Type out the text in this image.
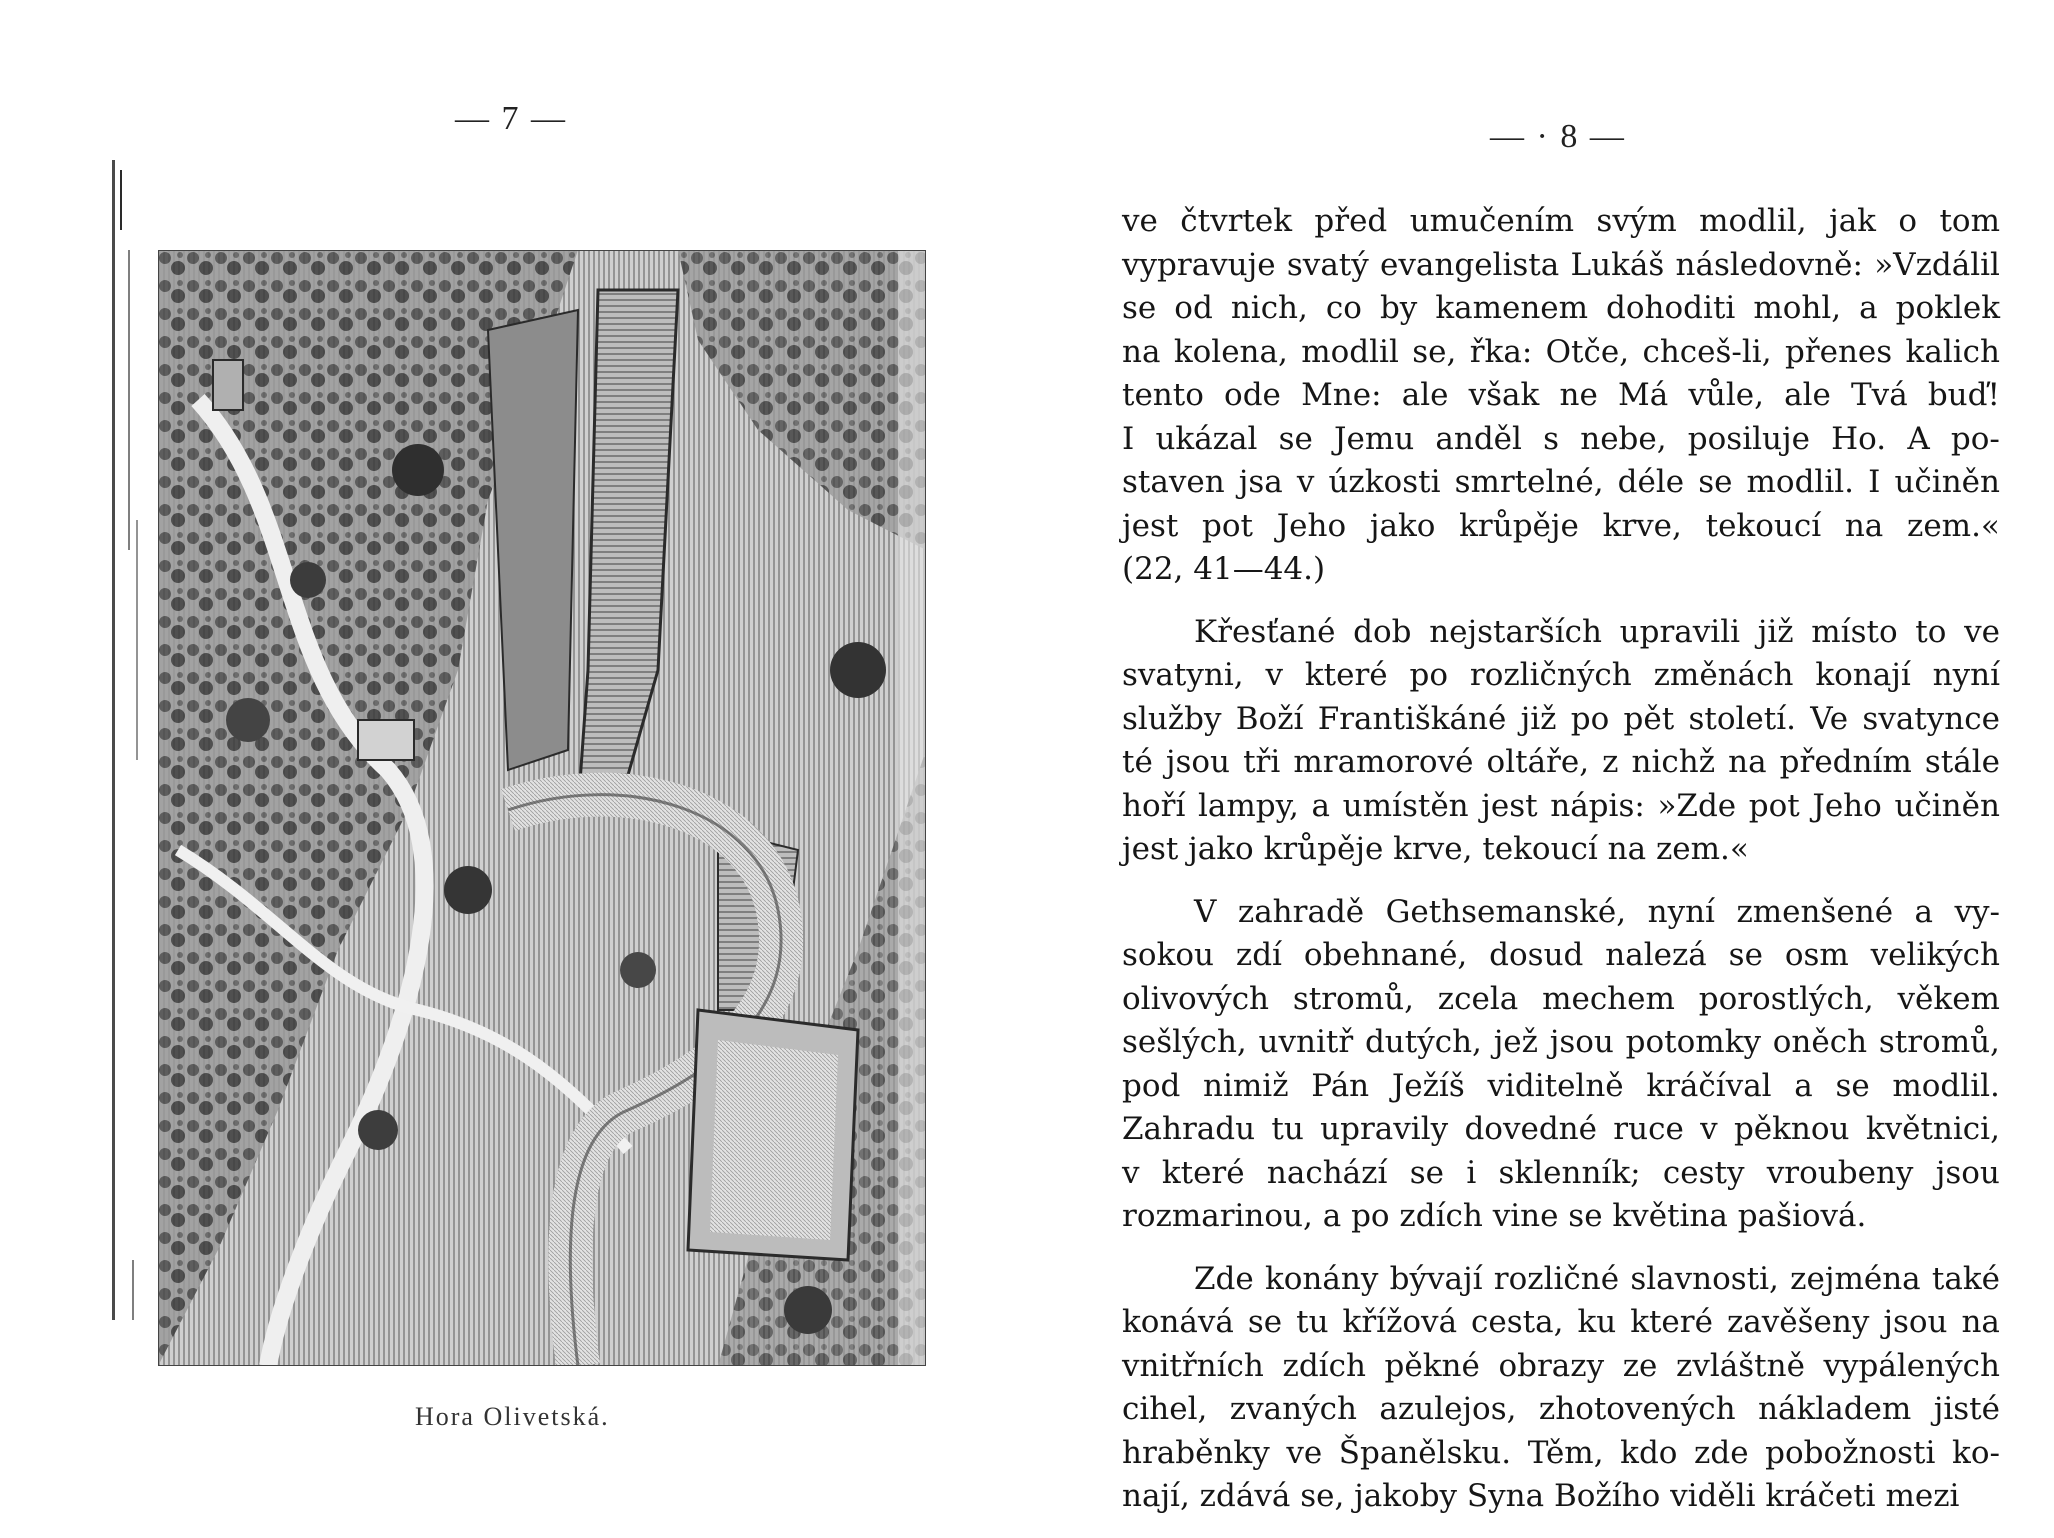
— 7 —
Hora Olivetská.
— · 8 —
ve čtvrtek před umučením svým modlil, jak o tom
vypravuje svatý evangelista Lukáš následovně: »Vzdálil
se od nich, co by kamenem dohoditi mohl, a poklek
na kolena, modlil se, řka: Otče, chceš-li, přenes kalich
tento ode Mne: ale však ne Má vůle, ale Tvá buď!
I ukázal se Jemu anděl s nebe, posiluje Ho. A po-
staven jsa v úzkosti smrtelné, déle se modlil. I učiněn
jest pot Jeho jako krůpěje krve, tekoucí na zem.«
(22, 41—44.)
Křesťané dob nejstarších upravili již místo to ve
svatyni, v které po rozličných změnách konají nyní
služby Boží Františkáné již po pět století. Ve svatynce
té jsou tři mramorové oltáře, z nichž na předním stále
hoří lampy, a umístěn jest nápis: »Zde pot Jeho učiněn
jest jako krůpěje krve, tekoucí na zem.«
V zahradě Gethsemanské, nyní zmenšené a vy-
sokou zdí obehnané, dosud nalezá se osm velikých
olivových stromů, zcela mechem porostlých, věkem
sešlých, uvnitř dutých, jež jsou potomky oněch stromů,
pod nimiž Pán Ježíš viditelně kráčíval a se modlil.
Zahradu tu upravily dovedné ruce v pěknou květnici,
v které nachází se i sklenník; cesty vroubeny jsou
rozmarinou, a po zdích vine se květina pašiová.
Zde konány bývají rozličné slavnosti, zejména také
konává se tu křížová cesta, ku které zavěšeny jsou na
vnitřních zdích pěkné obrazy ze zvláštně vypálených
cihel, zvaných azulejos, zhotovených nákladem jisté
hraběnky ve Španělsku. Těm, kdo zde pobožnosti ko-
nají, zdává se, jakoby Syna Božího viděli kráčeti mezi
